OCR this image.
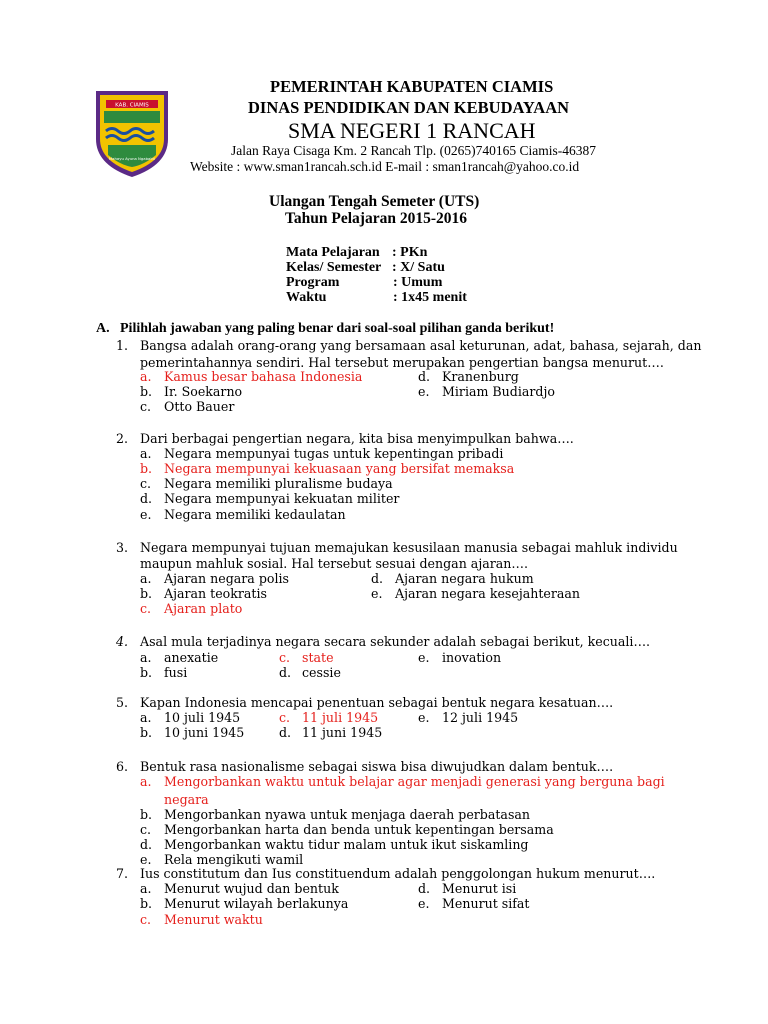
KAB. CIAMIS
Mahayu Ayuna Ngabakti
PEMERINTAH KABUPATEN CIAMIS
DINAS PENDIDIKAN DAN KEBUDAYAAN
SMA NEGERI 1 RANCAH
Jalan Raya Cisaga Km. 2 Rancah Tlp. (0265)740165 Ciamis-46387
Website : www.sman1rancah.sch.id E-mail : sman1rancah@yahoo.co.id
Ulangan Tengah Semeter (UTS)
Tahun Pelajaran 2015-2016
Mata Pelajaran : PKn
Kelas/ Semester : X/ Satu
Program	: Umum
Waktu	: 1x45 menit
A. Pilihlah jawaban yang paling benar dari soal-soal pilihan ganda berikut!
1. Bangsa adalah orang-orang yang bersamaan asal keturunan, adat, bahasa, sejarah, dan
pemerintahannya sendiri. Hal tersebut merupakan pengertian bangsa menurut….
a. Kamus besar bahasa Indonesia
b. Ir. Soekarno
c. Otto Bauer
d. Kranenburg
e. Miriam Budiardjo
2. Dari berbagai pengertian negara, kita bisa menyimpulkan bahwa….
a. Negara mempunyai tugas untuk kepentingan pribadi
b. Negara mempunyai kekuasaan yang bersifat memaksa
c. Negara memiliki pluralisme budaya
d. Negara mempunyai kekuatan militer
e. Negara memiliki kedaulatan
3. Negara mempunyai tujuan memajukan kesusilaan manusia sebagai mahluk individu
maupun mahluk sosial. Hal tersebut sesuai dengan ajaran….
a. Ajaran negara polis
b. Ajaran teokratis
c. Ajaran plato
d. Ajaran negara hukum
e. Ajaran negara kesejahteraan
4. Asal mula terjadinya negara secara sekunder adalah sebagai berikut, kecuali….
a. anexatie
b. fusi
c. state
d. cessie
e. inovation
5. Kapan Indonesia mencapai penentuan sebagai bentuk negara kesatuan….
a. 10 juli 1945
b. 10 juni 1945
c. 11 juli 1945
d. 11 juni 1945
e. 12 juli 1945
6. Bentuk rasa nasionalisme sebagai siswa bisa diwujudkan dalam bentuk….
a. Mengorbankan waktu untuk belajar agar menjadi generasi yang berguna bagi
negara
b. Mengorbankan nyawa untuk menjaga daerah perbatasan
c. Mengorbankan harta dan benda untuk kepentingan bersama
d. Mengorbankan waktu tidur malam untuk ikut siskamling
e. Rela mengikuti wamil
7. Ius constitutum dan Ius constituendum adalah penggolongan hukum menurut….
a. Menurut wujud dan bentuk
b. Menurut wilayah berlakunya
c. Menurut waktu
d. Menurut isi
e. Menurut sifat
